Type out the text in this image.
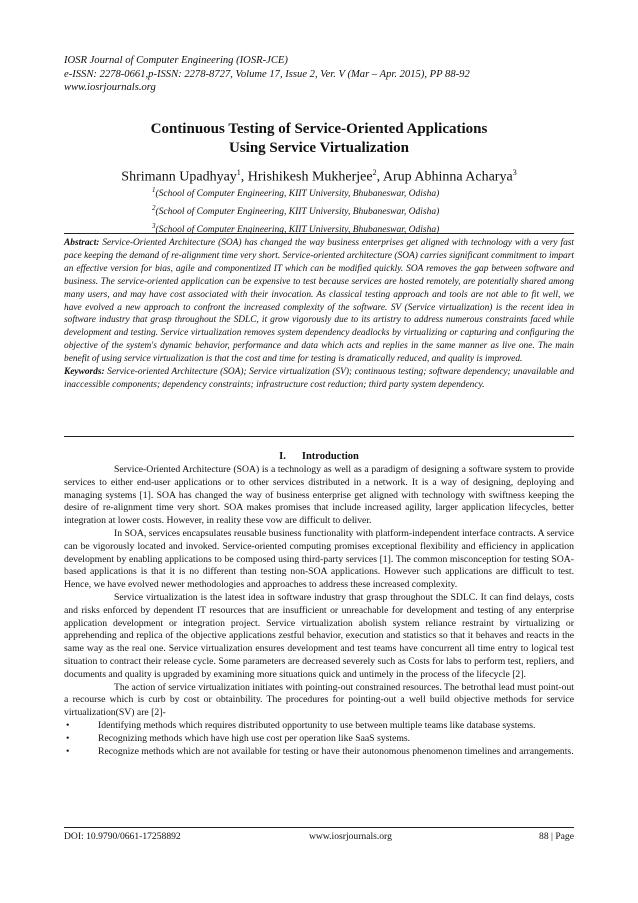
IOSR Journal of Computer Engineering (IOSR-JCE)
e-ISSN: 2278-0661,p-ISSN: 2278-8727, Volume 17, Issue 2, Ver. V (Mar – Apr. 2015), PP 88-92
www.iosrjournals.org
Continuous Testing of Service-Oriented Applications
Using Service Virtualization
Shrimann Upadhyay$^1$, Hrishikesh Mukherjee$^2$, Arup Abhinna Acharya$^3$
$^1$(School of Computer Engineering, KIIT University, Bhubaneswar, Odisha)
$^2$(School of Computer Engineering, KIIT University, Bhubaneswar, Odisha)
$^3$(School of Computer Engineering, KIIT University, Bhubaneswar, Odisha)

Abstract: Service-Oriented Architecture (SOA) has changed the way business enterprises get aligned with technology with a very fast pace keeping the demand of re-alignment time very short. Service-oriented architecture (SOA) carries significant commitment to impart an effective version for bias, agile and componentized IT which can be modified quickly. SOA removes the gap between software and business. The service-oriented application can be expensive to test because services are hosted remotely, are potentially shared among many users, and may have cost associated with their invocation. As classical testing approach and tools are not able to fit well, we have evolved a new approach to confront the increased complexity of the software. SV (Service virtualization) is the recent idea in software industry that grasp throughout the SDLC, it grow vigorously due to its artistry to address numerous constraints faced while development and testing. Service virtualization removes system dependency deadlocks by virtualizing or capturing and configuring the objective of the system's dynamic behavior, performance and data which acts and replies in the same manner as live one. The main benefit of using service virtualization is that the cost and time for testing is dramatically reduced, and quality is improved.

Keywords: Service-oriented Architecture (SOA); Service virtualization (SV); continuous testing; software dependency; unavailable and inaccessible components; dependency constraints; infrastructure cost reduction; third party system dependency.

I. Introduction

Service-Oriented Architecture (SOA) is a technology as well as a paradigm of designing a software system to provide services to either end-user applications or to other services distributed in a network. It is a way of designing, deploying and managing systems [1]. SOA has changed the way of business enterprise get aligned with technology with swiftness keeping the desire of re-alignment time very short. SOA makes promises that include increased agility, larger application lifecycles, better integration at lower costs. However, in reality these vow are difficult to deliver.

In SOA, services encapsulates reusable business functionality with platform-independent interface contracts. A service can be vigorously located and invoked. Service-oriented computing promises exceptional flexibility and efficiency in application development by enabling applications to be composed using third-party services [1]. The common misconception for testing SOA-based applications is that it is no different than testing non-SOA applications. However such applications are difficult to test. Hence, we have evolved newer methodologies and approaches to address these increased complexity.

Service virtualization is the latest idea in software industry that grasp throughout the SDLC. It can find delays, costs and risks enforced by dependent IT resources that are insufficient or unreachable for development and testing of any enterprise application development or integration project. Service virtualization abolish system reliance restraint by virtualizing or apprehending and replica of the objective applications zestful behavior, execution and statistics so that it behaves and reacts in the same way as the real one. Service virtualization ensures development and test teams have concurrent all time entry to logical test situation to contract their release cycle. Some parameters are decreased severely such as Costs for labs to perform test, repliers, and documents and quality is upgraded by examining more situations quick and untimely in the process of the lifecycle [2].

The action of service virtualization initiates with pointing-out constrained resources. The betrothal lead must point-out a recourse which is curb by cost or obtainbility. The procedures for pointing-out a well build objective methods for service virtualization(SV) are [2]-

•	Identifying methods which requires distributed opportunity to use between multiple teams like database systems.
•	Recognizing methods which have high use cost per operation like SaaS systems.
•	Recognize methods which are not available for testing or have their autonomous phenomenon timelines and arrangements.
DOI: 10.9790/0661-17258892	www.iosrjournals.org	88 | Page
